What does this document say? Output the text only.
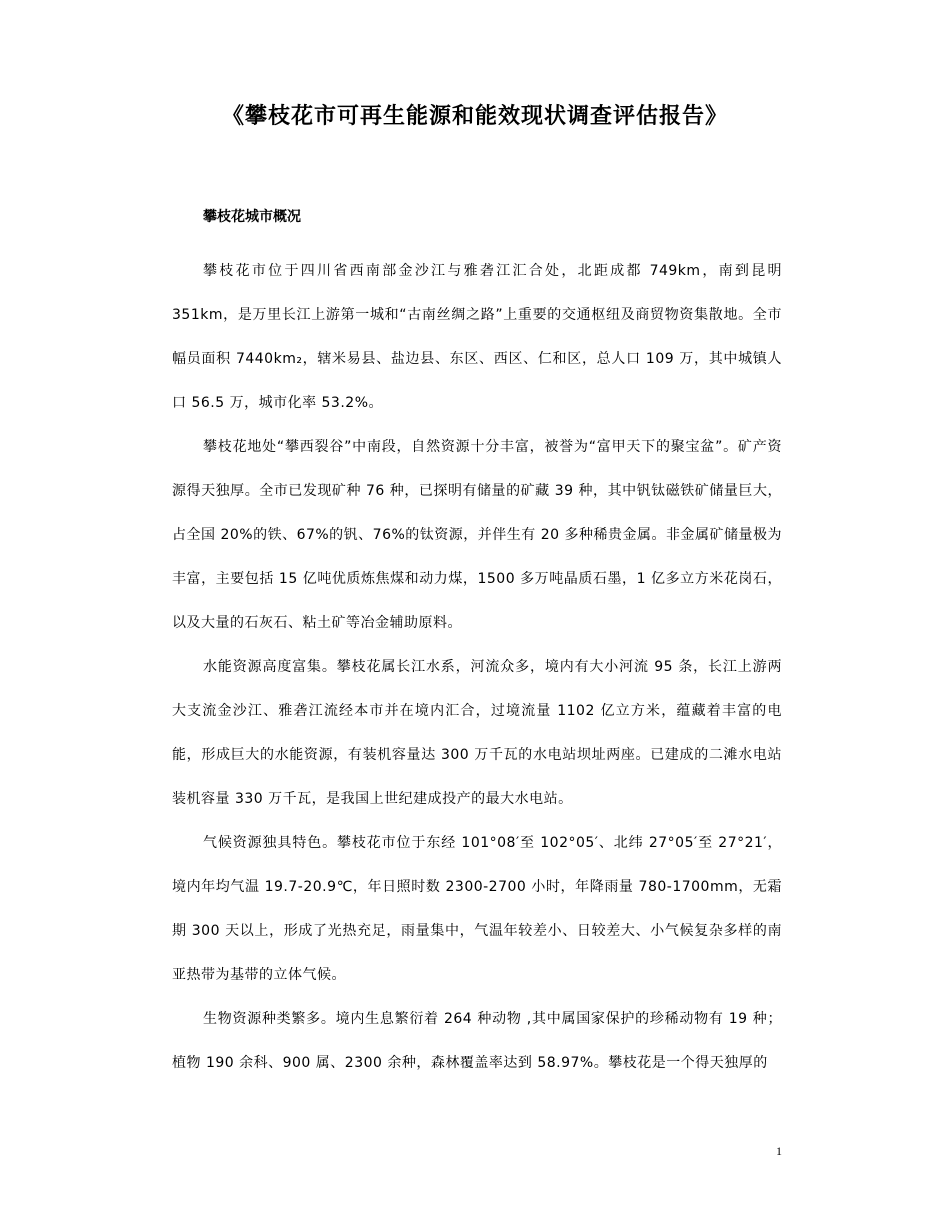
《攀枝花市可再生能源和能效现状调查评估报告》
攀枝花城市概况

攀枝花市位于四川省西南部金沙江与雅砻江汇合处，北距成都 749km，南到昆明 351km，是万里长江上游第一城和“古南丝绸之路”上重要的交通枢纽及商贸物资集散地。全市幅员面积 7440km₂，辖米易县、盐边县、东区、西区、仁和区，总人口 109 万，其中城镇人口 56.5 万，城市化率 53.2%。

攀枝花地处“攀西裂谷”中南段，自然资源十分丰富，被誉为“富甲天下的聚宝盆”。矿产资源得天独厚。全市已发现矿种 76 种，已探明有储量的矿藏 39 种，其中钒钛磁铁矿储量巨大，占全国 20%的铁、67%的钒、76%的钛资源，并伴生有 20 多种稀贵金属。非金属矿储量极为丰富，主要包括 15 亿吨优质炼焦煤和动力煤，1500 多万吨晶质石墨，1 亿多立方米花岗石，以及大量的石灰石、粘土矿等冶金辅助原料。

水能资源高度富集。攀枝花属长江水系，河流众多，境内有大小河流 95 条，长江上游两大支流金沙江、雅砻江流经本市并在境内汇合，过境流量 1102 亿立方米，蕴藏着丰富的电能，形成巨大的水能资源，有装机容量达 300 万千瓦的水电站坝址两座。已建成的二滩水电站装机容量 330 万千瓦，是我国上世纪建成投产的最大水电站。

气候资源独具特色。攀枝花市位于东经 101°08′至 102°05′、北纬 27°05′至 27°21′，境内年均气温 19.7-20.9℃，年日照时数 2300-2700 小时，年降雨量 780-1700mm，无霜期 300 天以上，形成了光热充足，雨量集中，气温年较差小、日较差大、小气候复杂多样的南亚热带为基带的立体气候。

生物资源种类繁多。境内生息繁衍着 264 种动物 ,其中属国家保护的珍稀动物有 19 种；植物 190 余科、900 属、2300 余种，森林覆盖率达到 58.97%。攀枝花是一个得天独厚的

1
